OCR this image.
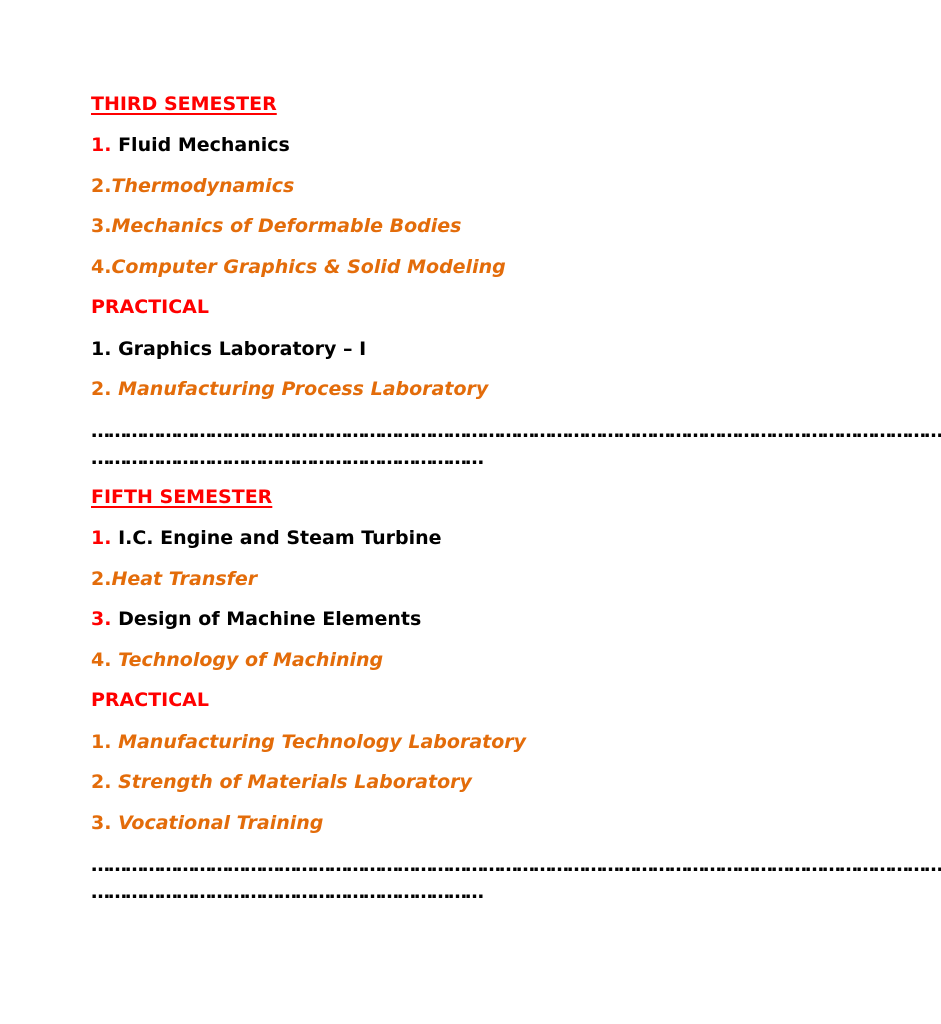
THIRD SEMESTER
1. Fluid Mechanics
2.Thermodynamics
3.Mechanics of Deformable Bodies
4.Computer Graphics & Solid Modeling
PRACTICAL
1. Graphics Laboratory – I
2. Manufacturing Process Laboratory
……………………………………………………………………………………………………………………………………
……………………………………………………………
FIFTH SEMESTER
1. I.C. Engine and Steam Turbine
2.Heat Transfer
3. Design of Machine Elements
4. Technology of Machining
PRACTICAL
1. Manufacturing Technology Laboratory
2. Strength of Materials Laboratory
3. Vocational Training
……………………………………………………………………………………………………………………………………
……………………………………………………………
